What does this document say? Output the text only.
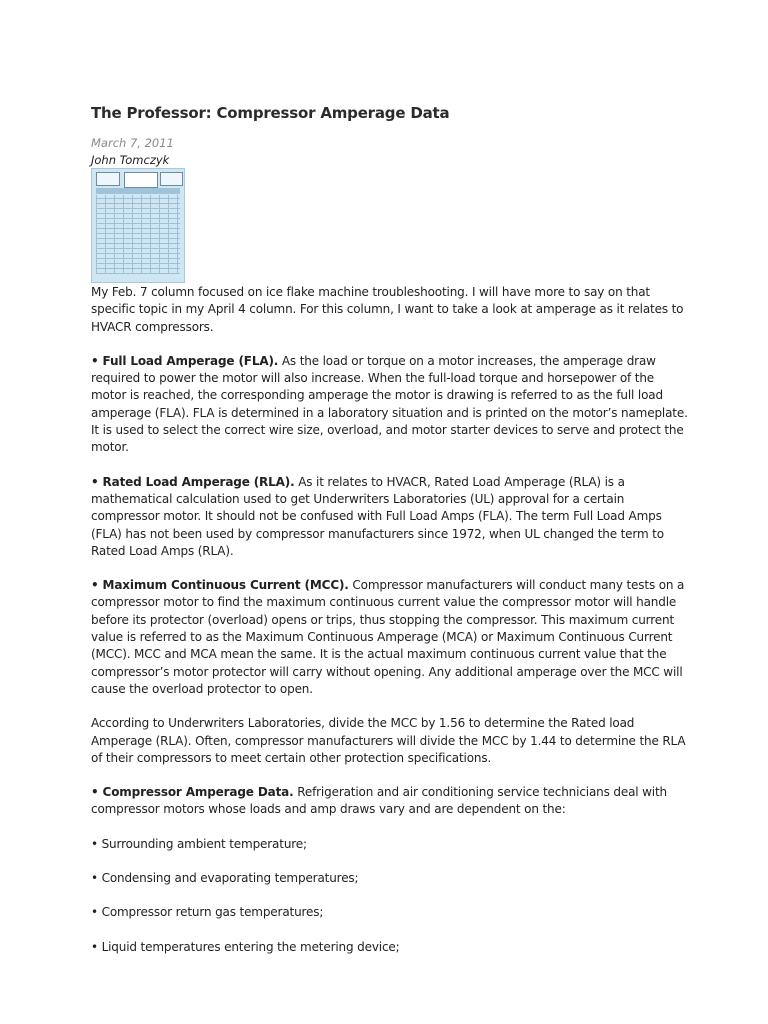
The Professor: Compressor Amperage Data
March 7, 2011
John Tomczyk

My Feb. 7 column focused on ice flake machine troubleshooting. I will have more to say on that specific topic in my April 4 column. For this column, I want to take a look at amperage as it relates to HVACR compressors.

• Full Load Amperage (FLA). As the load or torque on a motor increases, the amperage draw required to power the motor will also increase. When the full-load torque and horsepower of the motor is reached, the corresponding amperage the motor is drawing is referred to as the full load amperage (FLA). FLA is determined in a laboratory situation and is printed on the motor’s nameplate. It is used to select the correct wire size, overload, and motor starter devices to serve and protect the motor.

• Rated Load Amperage (RLA). As it relates to HVACR, Rated Load Amperage (RLA) is a mathematical calculation used to get Underwriters Laboratories (UL) approval for a certain compressor motor. It should not be confused with Full Load Amps (FLA). The term Full Load Amps (FLA) has not been used by compressor manufacturers since 1972, when UL changed the term to Rated Load Amps (RLA).

• Maximum Continuous Current (MCC). Compressor manufacturers will conduct many tests on a compressor motor to find the maximum continuous current value the compressor motor will handle before its protector (overload) opens or trips, thus stopping the compressor. This maximum current value is referred to as the Maximum Continuous Amperage (MCA) or Maximum Continuous Current (MCC). MCC and MCA mean the same. It is the actual maximum continuous current value that the compressor’s motor protector will carry without opening. Any additional amperage over the MCC will cause the overload protector to open.

According to Underwriters Laboratories, divide the MCC by 1.56 to determine the Rated load Amperage (RLA). Often, compressor manufacturers will divide the MCC by 1.44 to determine the RLA of their compressors to meet certain other protection specifications.

• Compressor Amperage Data. Refrigeration and air conditioning service technicians deal with compressor motors whose loads and amp draws vary and are dependent on the:

• Surrounding ambient temperature;

• Condensing and evaporating temperatures;

• Compressor return gas temperatures;

• Liquid temperatures entering the metering device;
